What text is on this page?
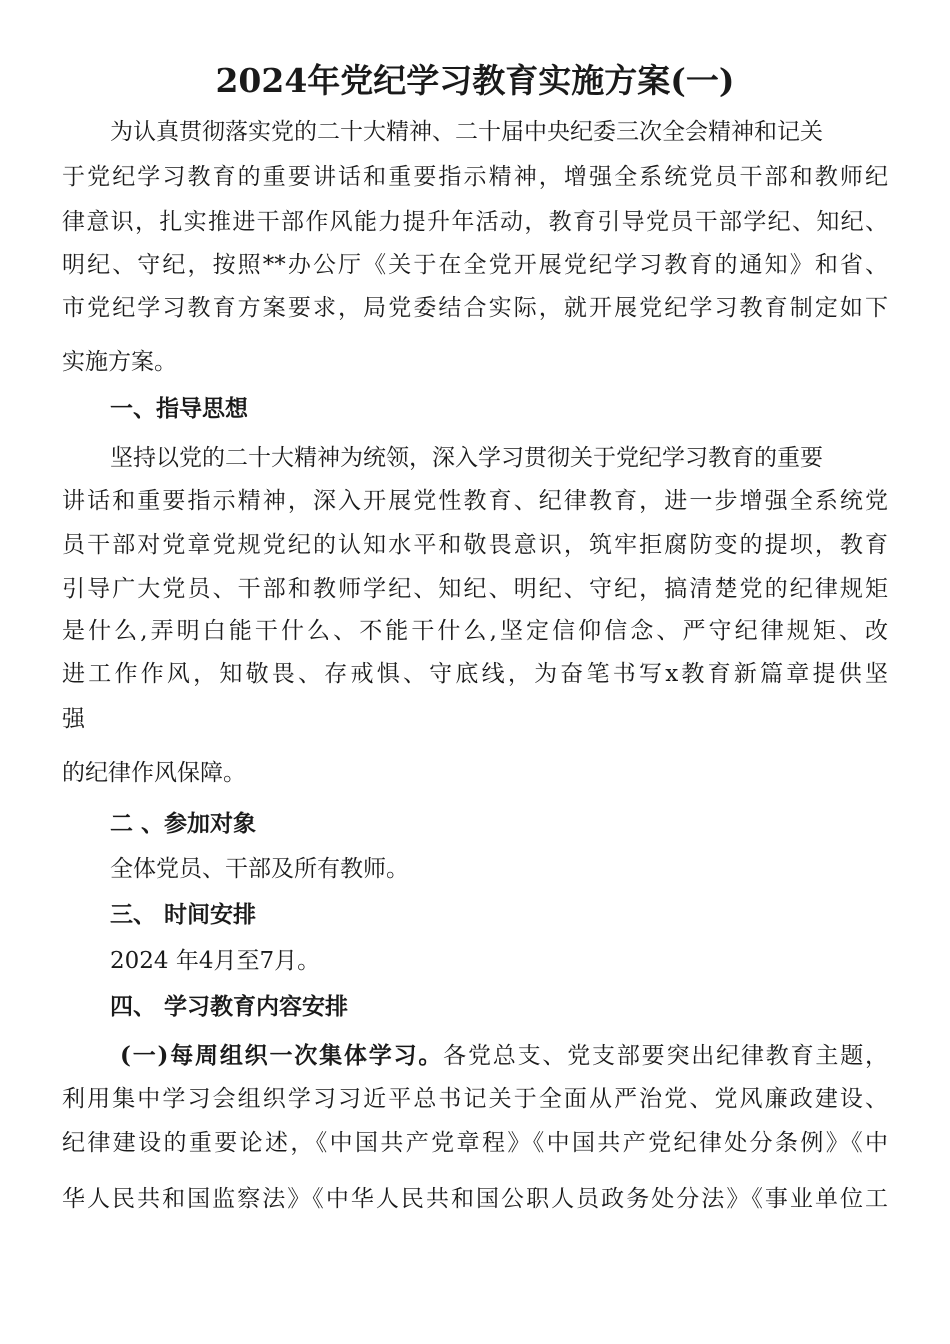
2024年党纪学习教育实施方案(一)
为认真贯彻落实党的二十大精神、二十届中央纪委三次全会精神和记关
于党纪学习教育的重要讲话和重要指示精神，增强全系统党员干部和教师纪
律意识，扎实推进干部作风能力提升年活动，教育引导党员干部学纪、知纪、
明纪、守纪，按照**办公厅《关于在全党开展党纪学习教育的通知》和省、
市党纪学习教育方案要求，局党委结合实际，就开展党纪学习教育制定如下
实施方案。
一、指导思想
坚持以党的二十大精神为统领，深入学习贯彻关于党纪学习教育的重要
讲话和重要指示精神，深入开展党性教育、纪律教育，进一步增强全系统党
员干部对党章党规党纪的认知水平和敬畏意识，筑牢拒腐防变的提坝，教育
引导广大党员、干部和教师学纪、知纪、明纪、守纪，搞清楚党的纪律规矩
是什么,弄明白能干什么、不能干什么,坚定信仰信念、严守纪律规矩、改
进工作作风，知敬畏、存戒惧、守底线，为奋笔书写x教育新篇章提供坚
强
的纪律作风保障。
二 、参加对象
全体党员、干部及所有教师。
三、 时间安排
2024 年4月至7月。
四、 学习教育内容安排
(一)每周组织一次集体学习。各党总支、党支部要突出纪律教育主题，
利用集中学习会组织学习习近平总书记关于全面从严治党、党风廉政建设、
纪律建设的重要论述，《中国共产党章程》《中国共产党纪律处分条例》《中
华人民共和国监察法》《中华人民共和国公职人员政务处分法》《事业单位工
